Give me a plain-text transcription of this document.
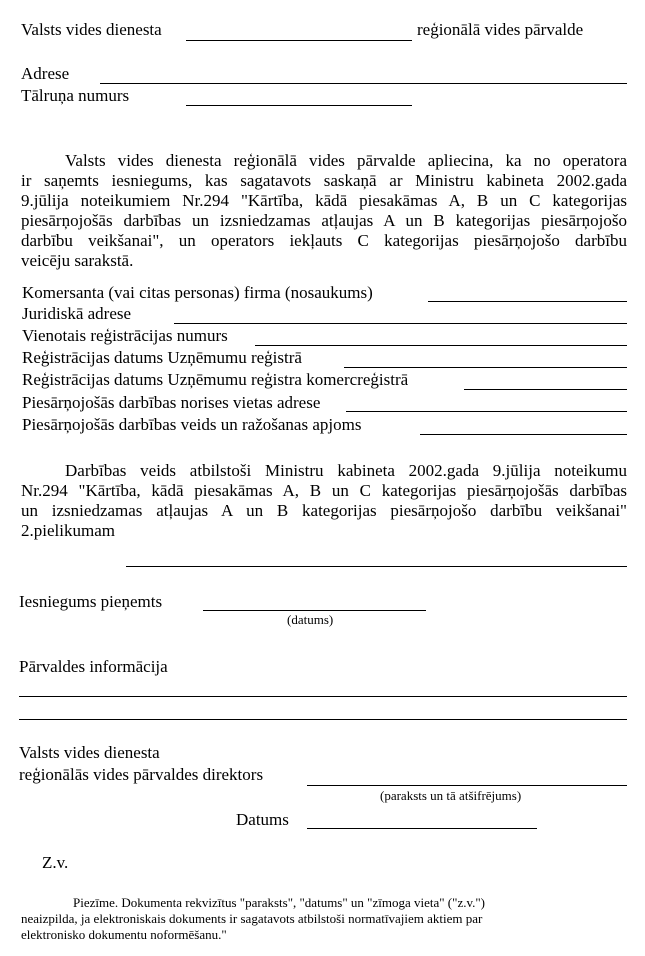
Valsts vides dienesta	reģionālā vides pārvalde
Adrese
Tālruņa numurs
Valsts vides dienesta reģionālā vides pārvalde apliecina, ka no operatora
ir saņemts iesniegums, kas sagatavots saskaņā ar Ministru kabineta 2002.gada
9.jūlija noteikumiem Nr.294 "Kārtība, kādā piesakāmas A, B un C kategorijas
piesārņojošās darbības un izsniedzamas atļaujas A un B kategorijas piesārņojošo
darbību veikšanai", un operators iekļauts C kategorijas piesārņojošo darbību
veicēju sarakstā.
Komersanta (vai citas personas) firma (nosaukums)
Juridiskā adrese
Vienotais reģistrācijas numurs
Reģistrācijas datums Uzņēmumu reģistrā
Reģistrācijas datums Uzņēmumu reģistra komercreģistrā
Piesārņojošās darbības norises vietas adrese
Piesārņojošās darbības veids un ražošanas apjoms
Darbības veids atbilstoši Ministru kabineta 2002.gada 9.jūlija noteikumu
Nr.294 "Kārtība, kādā piesakāmas A, B un C kategorijas piesārņojošās darbības
un izsniedzamas atļaujas A un B kategorijas piesārņojošo darbību veikšanai"
2.pielikumam
Iesniegums pieņemts
(datums)
Pārvaldes informācija
Valsts vides dienesta
reģionālās vides pārvaldes direktors
(paraksts un tā atšifrējums)
Datums
Z.v.
Piezīme. Dokumenta rekvizītus "paraksts", "datums" un "zīmoga vieta" ("z.v.")
neaizpilda, ja elektroniskais dokuments ir sagatavots atbilstoši normatīvajiem aktiem par
elektronisko dokumentu noformēšanu."
